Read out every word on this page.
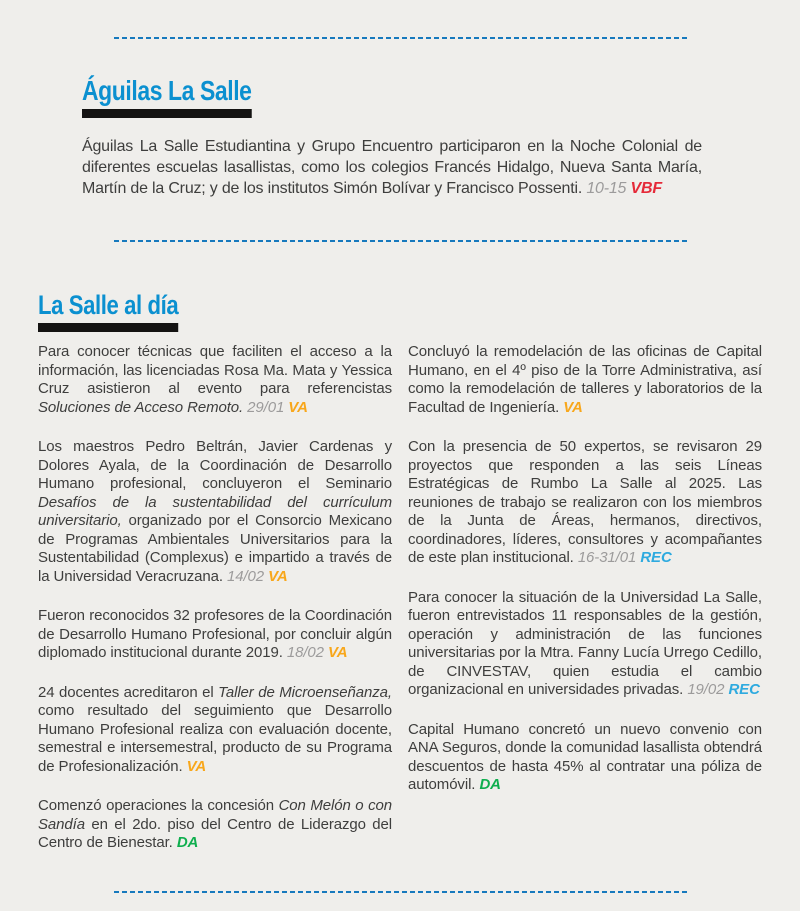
Águilas La Salle

Águilas La Salle Estudiantina y Grupo Encuentro participaron en la Noche Colonial de diferentes escuelas lasallistas, como los colegios Francés Hidalgo, Nueva Santa María, Martín de la Cruz; y de los institutos Simón Bolívar y Francisco Possenti. 10-15 VBF

La Salle al día

Para conocer técnicas que faciliten el acceso a la información, las licenciadas Rosa Ma. Mata y Yessica Cruz asistieron al evento para referencistas Soluciones de Acceso Remoto. 29/01 VA

Los maestros Pedro Beltrán, Javier Cardenas y Dolores Ayala, de la Coordinación de Desarrollo Humano profesional, concluyeron el Seminario Desafíos de la sustentabilidad del currículum universitario, organizado por el Consorcio Mexicano de Programas Ambientales Universitarios para la Sustentabilidad (Complexus) e impartido a través de la Universidad Veracruzana. 14/02 VA

Fueron reconocidos 32 profesores de la Coordinación de Desarrollo Humano Profesional, por concluir algún diplomado institucional durante 2019. 18/02 VA

24 docentes acreditaron el Taller de Microenseñanza, como resultado del seguimiento que Desarrollo Humano Profesional realiza con evaluación docente, semestral e intersemestral, producto de su Programa de Profesionalización. VA

Comenzó operaciones la concesión Con Melón o con Sandía en el 2do. piso del Centro de Liderazgo del Centro de Bienestar. DA

Concluyó la remodelación de las oficinas de Capital Humano, en el 4º piso de la Torre Administrativa, así como la remodelación de talleres y laboratorios de la Facultad de Ingeniería. VA

Con la presencia de 50 expertos, se revisaron 29 proyectos que responden a las seis Líneas Estratégicas de Rumbo La Salle al 2025. Las reuniones de trabajo se realizaron con los miembros de la Junta de Áreas, hermanos, directivos, coordinadores, líderes, consultores y acompañantes de este plan institucional. 16-31/01 REC

Para conocer la situación de la Universidad La Salle, fueron entrevistados 11 responsables de la gestión, operación y administración de las funciones universitarias por la Mtra. Fanny Lucía Urrego Cedillo, de CINVESTAV, quien estudia el cambio organizacional en universidades privadas. 19/02 REC

Capital Humano concretó un nuevo convenio con ANA Seguros, donde la comunidad lasallista obtendrá descuentos de hasta 45% al contratar una póliza de automóvil. DA
